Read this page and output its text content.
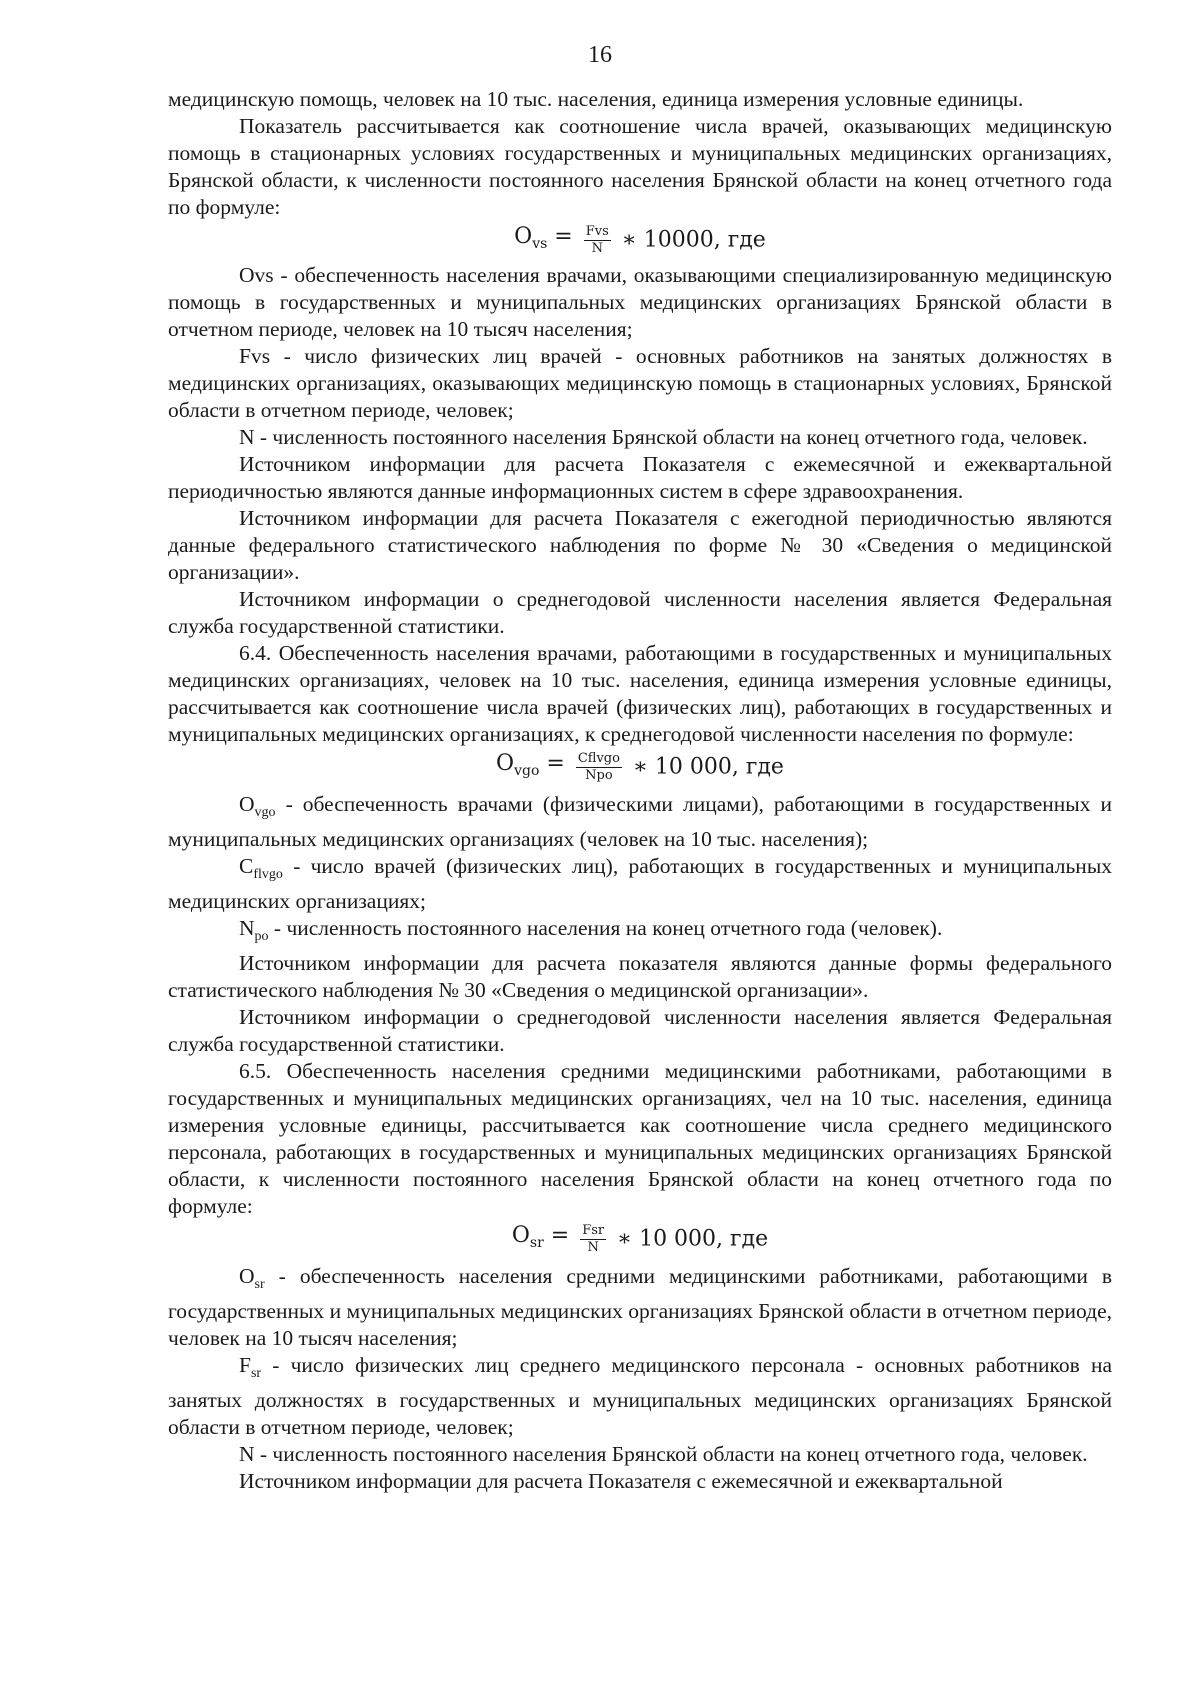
16

медицинскую помощь, человек на 10 тыс. населения, единица измерения условные единицы.

Показатель рассчитывается как соотношение числа врачей, оказывающих медицинскую помощь в стационарных условиях государственных и муниципальных медицинских организациях, Брянской области, к численности постоянного населения Брянской области на конец отчетного года по формуле:

$O_{vs} = \frac{\text{Fvs}}{N}$ ∗ 10000, где

Ovs - обеспеченность населения врачами, оказывающими специализированную медицинскую помощь в государственных и муниципальных медицинских организациях Брянской области в отчетном периоде, человек на 10 тысяч населения;

Fvs - число физических лиц врачей - основных работников на занятых должностях в медицинских организациях, оказывающих медицинскую помощь в стационарных условиях, Брянской области в отчетном периоде, человек;

N - численность постоянного населения Брянской области на конец отчетного года, человек.

Источником информации для расчета Показателя с ежемесячной и ежеквартальной периодичностью являются данные информационных систем в сфере здравоохранения.

Источником информации для расчета Показателя с ежегодной периодичностью являются данные федерального статистического наблюдения по форме № 30 «Сведения о медицинской организации».

Источником информации о среднегодовой численности населения является Федеральная служба государственной статистики.

6.4. Обеспеченность населения врачами, работающими в государственных и муниципальных медицинских организациях, человек на 10 тыс. населения, единица измерения условные единицы, рассчитывается как соотношение числа врачей (физических лиц), работающих в государственных и муниципальных медицинских организациях, к среднегодовой численности населения по формуле:

$O_{vgo} = \frac{\text{Cflvgo}}{\text{Npo}}$ ∗ 10 000, где

$O_{vgo}$ - обеспеченность врачами (физическими лицами), работающими в государственных и муниципальных медицинских организациях (человек на 10 тыс. населения);

$C_{flvgo}$ - число врачей (физических лиц), работающих в государственных и муниципальных медицинских организациях;

$N_{po}$ - численность постоянного населения на конец отчетного года (человек).

Источником информации для расчета показателя являются данные формы федерального статистического наблюдения № 30 «Сведения о медицинской организации».

Источником информации о среднегодовой численности населения является Федеральная служба государственной статистики.

6.5. Обеспеченность населения средними медицинскими работниками, работающими в государственных и муниципальных медицинских организациях, чел на 10 тыс. населения, единица измерения условные единицы, рассчитывается как соотношение числа среднего медицинского персонала, работающих в государственных и муниципальных медицинских организациях Брянской области, к численности постоянного населения Брянской области на конец отчетного года по формуле:

$O_{sr} = \frac{\text{Fsr}}{N}$ ∗ 10 000, где

$O_{sr}$ - обеспеченность населения средними медицинскими работниками, работающими в государственных и муниципальных медицинских организациях Брянской области в отчетном периоде, человек на 10 тысяч населения;

$F_{sr}$ - число физических лиц среднего медицинского персонала - основных работников на занятых должностях в государственных и муниципальных медицинских организациях Брянской области в отчетном периоде, человек;

N - численность постоянного населения Брянской области на конец отчетного года, человек.

Источником информации для расчета Показателя с ежемесячной и ежеквартальной
